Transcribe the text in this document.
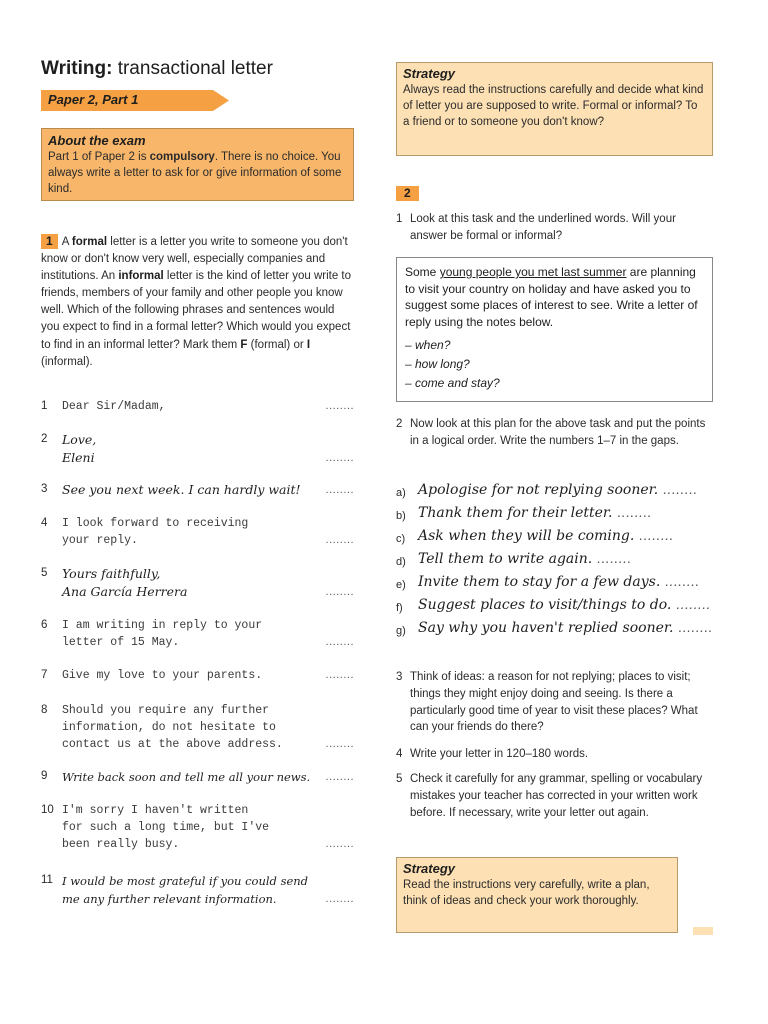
Writing: transactional letter
Paper 2, Part 1
About the exam
Part 1 of Paper 2 is compulsory. There is no choice. You always write a letter to ask for or give information of some kind.
1 A formal letter is a letter you write to someone you don't know or don't know very well, especially companies and institutions. An informal letter is the kind of letter you write to friends, members of your family and other people you know well. Which of the following phrases and sentences would you expect to find in a formal letter? Which would you expect to find in an informal letter? Mark them F (formal) or I (informal).
1	Dear Sir/Madam,	........
2	Love,
Eleni	........
3	See you next week. I can hardly wait! ........
4	I look forward to receiving
your reply.	........
5	Yours faithfully,
Ana García Herrera	........
6	I am writing in reply to your
letter of 15 May.	........
7	Give my love to your parents.	........
8	Should you require any further
information, do not hesitate to
contact us at the above address.	........
9	Write back soon and tell me all your news. ........
10 I'm sorry I haven't written
for such a long time, but I've
been really busy.	........
11 I would be most grateful if you could send
me any further relevant information.	........
Strategy
Always read the instructions carefully and decide what kind of letter you are supposed to write. Formal or informal? To a friend or to someone you don't know?
2
1 Look at this task and the underlined words. Will your answer be formal or informal?
Some young people you met last summer are planning to visit your country on holiday and have asked you to suggest some places of interest to see. Write a letter of reply using the notes below.
– when?
– how long?
– come and stay?
2 Now look at this plan for the above task and put the points in a logical order. Write the numbers 1–7 in the gaps.
a) Apologise for not replying sooner. ........
b) Thank them for their letter. ........
c) Ask when they will be coming. ........
d) Tell them to write again. ........
e) Invite them to stay for a few days. ........
f) Suggest places to visit/things to do. ........
g) Say why you haven't replied sooner. ........
3 Think of ideas: a reason for not replying; places to visit; things they might enjoy doing and seeing. Is there a particularly good time of year to visit these places? What can your friends do there?
4 Write your letter in 120–180 words.
5 Check it carefully for any grammar, spelling or vocabulary mistakes your teacher has corrected in your written work before. If necessary, write your letter out again.
Strategy
Read the instructions very carefully, write a plan, think of ideas and check your work thoroughly.
